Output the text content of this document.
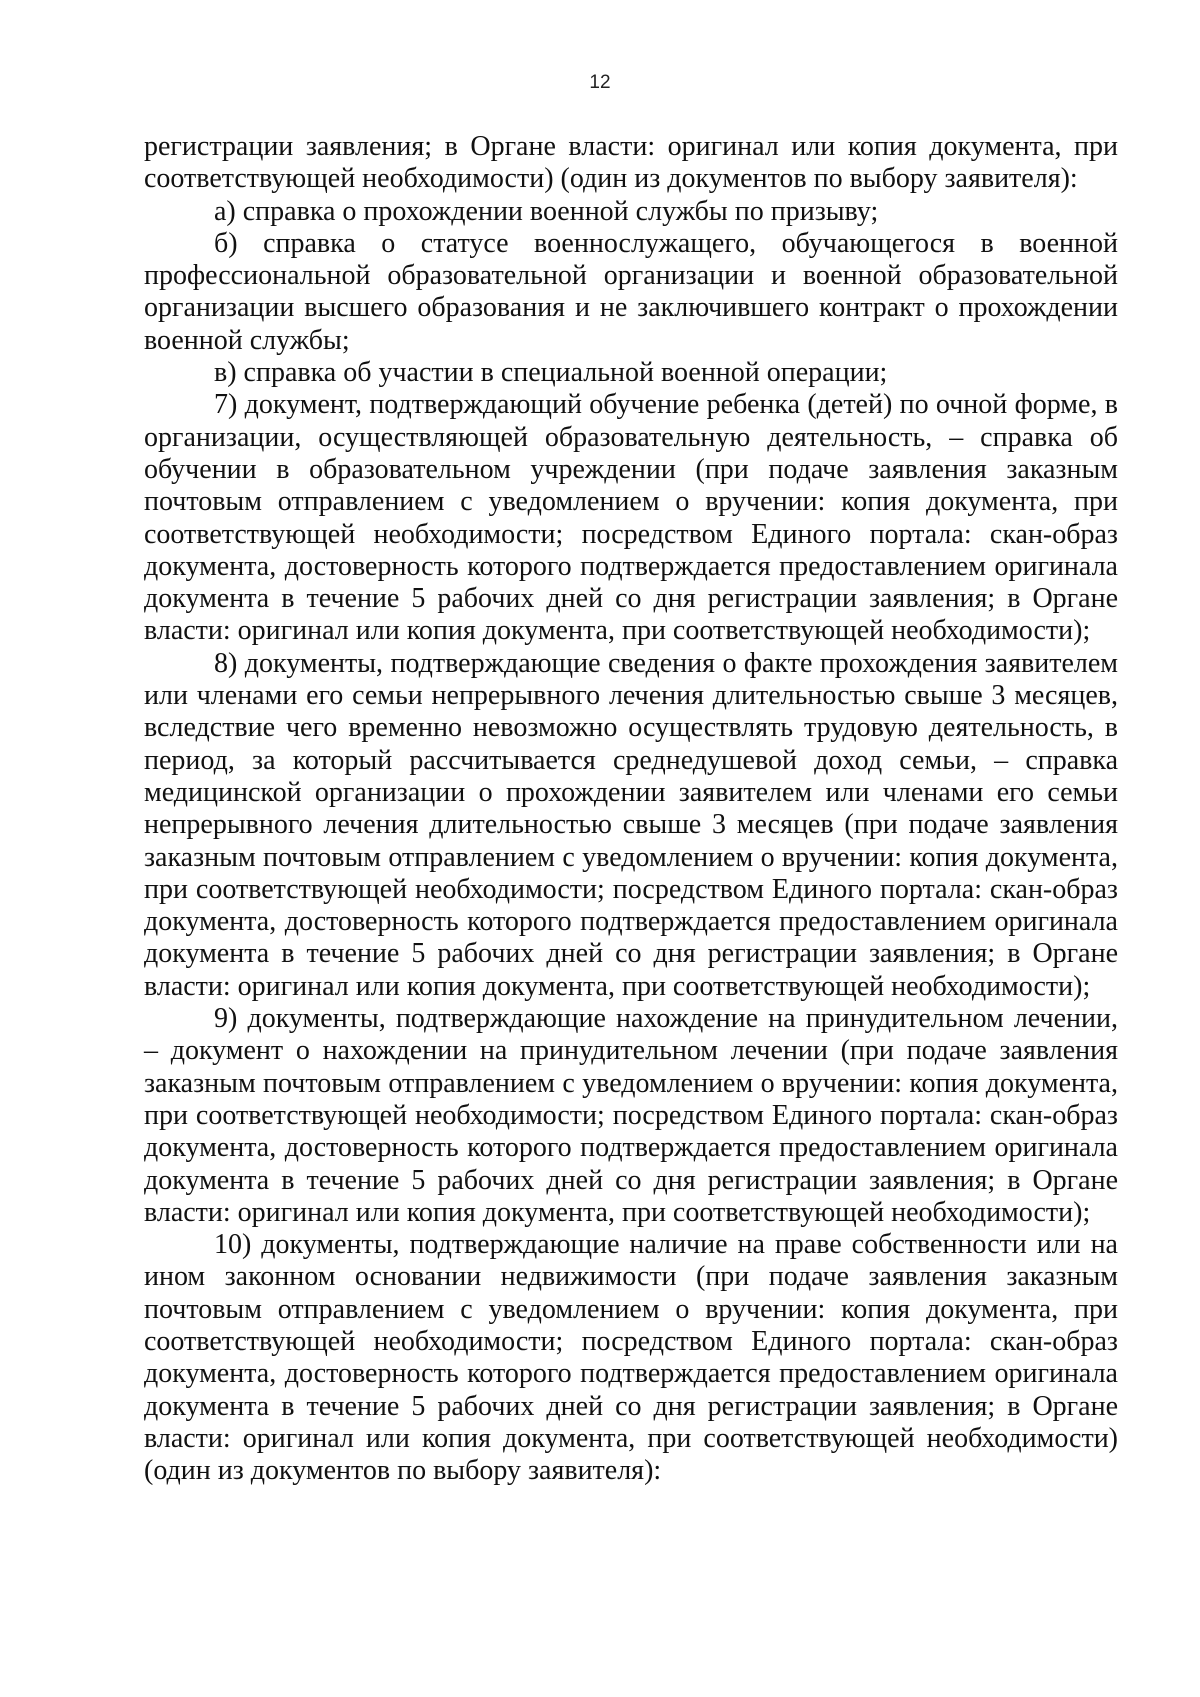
12

регистрации заявления; в Органе власти: оригинал или копия документа, при соответствующей необходимости) (один из документов по выбору заявителя):

а) справка о прохождении военной службы по призыву;

б) справка о статусе военнослужащего, обучающегося в военной профессиональной образовательной организации и военной образовательной организации высшего образования и не заключившего контракт о прохождении военной службы;

в) справка об участии в специальной военной операции;

7) документ, подтверждающий обучение ребенка (детей) по очной форме, в организации, осуществляющей образовательную деятельность, – справка об обучении в образовательном учреждении (при подаче заявления заказным почтовым отправлением с уведомлением о вручении: копия документа, при соответствующей необходимости; посредством Единого портала: скан-образ документа, достоверность которого подтверждается предоставлением оригинала документа в течение 5 рабочих дней со дня регистрации заявления; в Органе власти: оригинал или копия документа, при соответствующей необходимости);

8) документы, подтверждающие сведения о факте прохождения заявителем или членами его семьи непрерывного лечения длительностью свыше 3 месяцев, вследствие чего временно невозможно осуществлять трудовую деятельность, в период, за который рассчитывается среднедушевой доход семьи, – справка медицинской организации о прохождении заявителем или членами его семьи непрерывного лечения длительностью свыше 3 месяцев (при подаче заявления заказным почтовым отправлением с уведомлением о вручении: копия документа, при соответствующей необходимости; посредством Единого портала: скан-образ документа, достоверность которого подтверждается предоставлением оригинала документа в течение 5 рабочих дней со дня регистрации заявления; в Органе власти: оригинал или копия документа, при соответствующей необходимости);

9) документы, подтверждающие нахождение на принудительном лечении, – документ о нахождении на принудительном лечении (при подаче заявления заказным почтовым отправлением с уведомлением о вручении: копия документа, при соответствующей необходимости; посредством Единого портала: скан-образ документа, достоверность которого подтверждается предоставлением оригинала документа в течение 5 рабочих дней со дня регистрации заявления; в Органе власти: оригинал или копия документа, при соответствующей необходимости);

10) документы, подтверждающие наличие на праве собственности или на ином законном основании недвижимости (при подаче заявления заказным почтовым отправлением с уведомлением о вручении: копия документа, при соответствующей необходимости; посредством Единого портала: скан-образ документа, достоверность которого подтверждается предоставлением оригинала документа в течение 5 рабочих дней со дня регистрации заявления; в Органе власти: оригинал или копия документа, при соответствующей необходимости) (один из документов по выбору заявителя):
